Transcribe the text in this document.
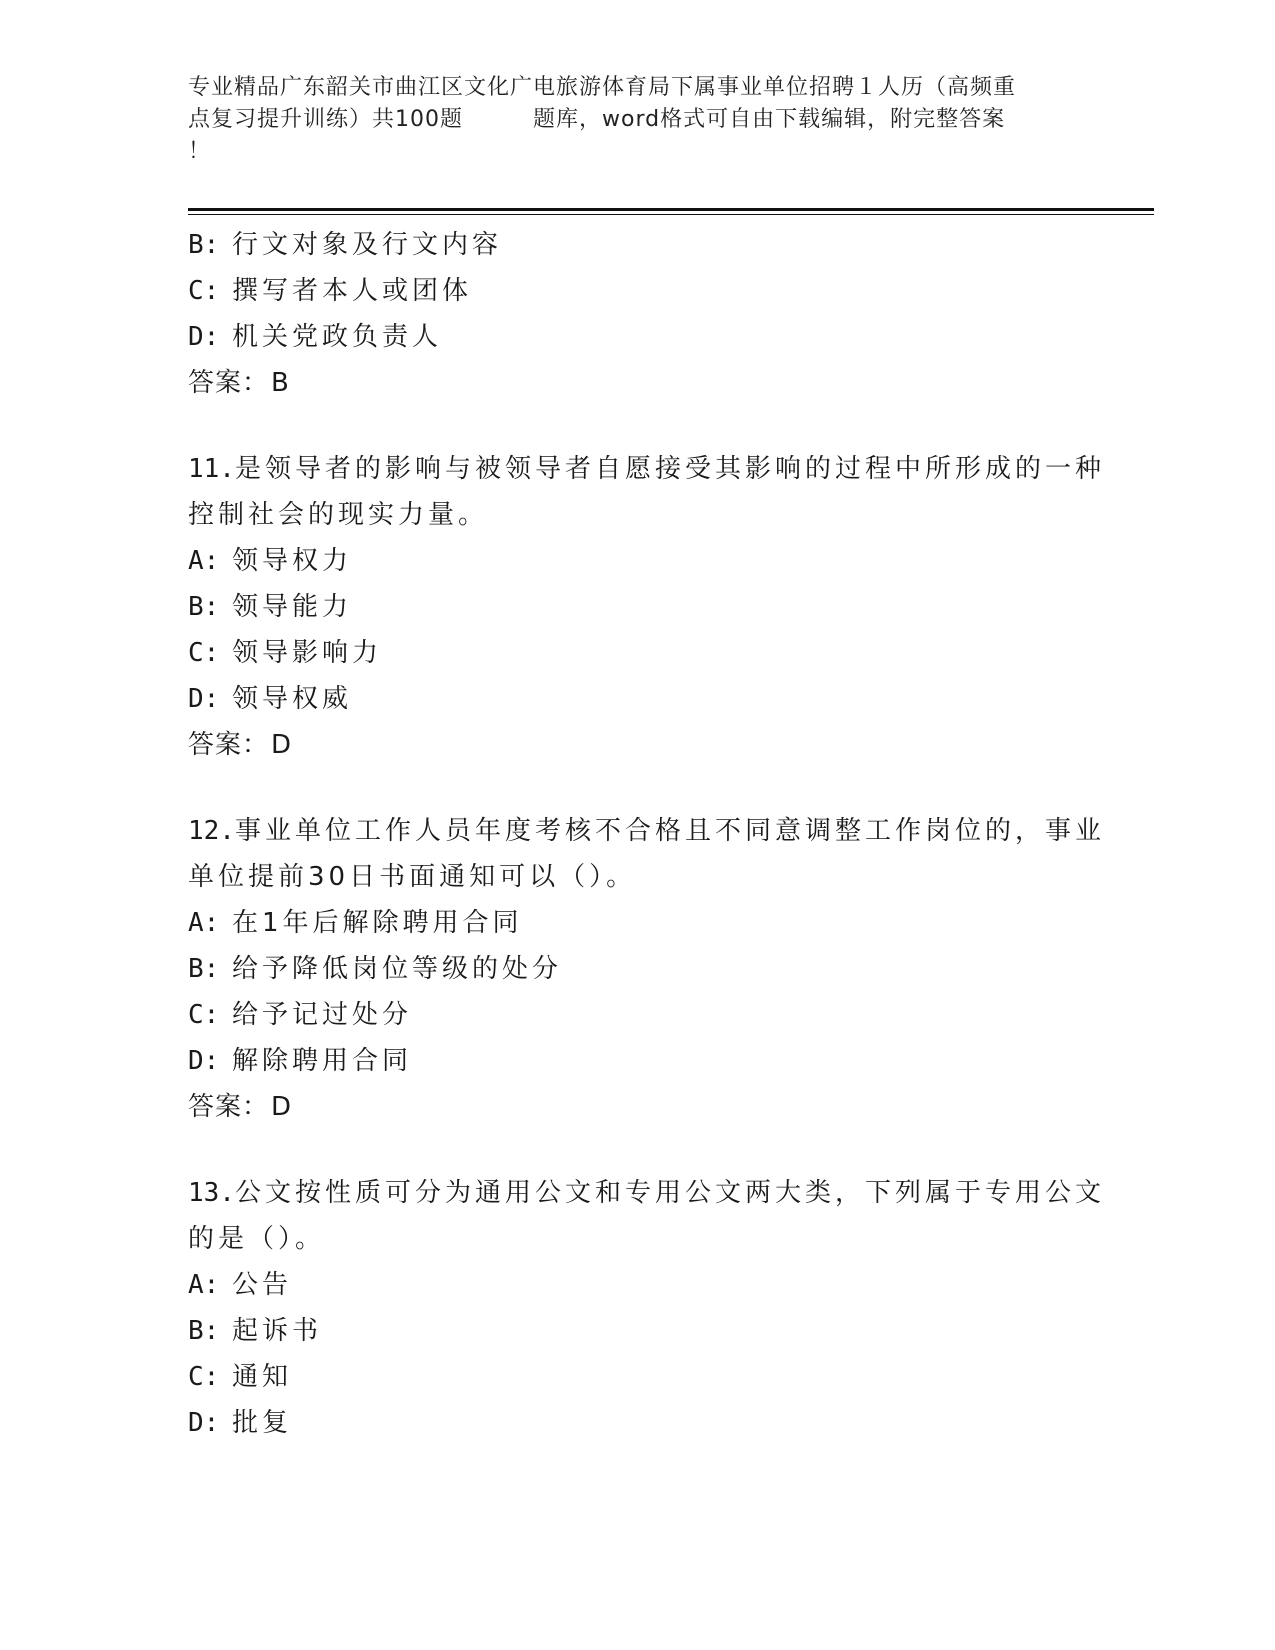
专业精品广东韶关市曲江区文化广电旅游体育局下属事业单位招聘１人历（高频重
点复习提升训练）共100题	题库，word格式可自由下载编辑，附完整答案
！
B: 行文对象及行文内容
C: 撰写者本人或团体
D: 机关党政负责人
答案：B
11.是领导者的影响与被领导者自愿接受其影响的过程中所形成的一种
控制社会的现实力量。
A: 领导权力
B: 领导能力
C: 领导影响力
D: 领导权威
答案：D
12.事业单位工作人员年度考核不合格且不同意调整工作岗位的，事业
单位提前30日书面通知可以（）。
A: 在1年后解除聘用合同
B: 给予降低岗位等级的处分
C: 给予记过处分
D: 解除聘用合同
答案：D
13.公文按性质可分为通用公文和专用公文两大类，下列属于专用公文
的是（）。
A: 公告
B: 起诉书
C: 通知
D: 批复
